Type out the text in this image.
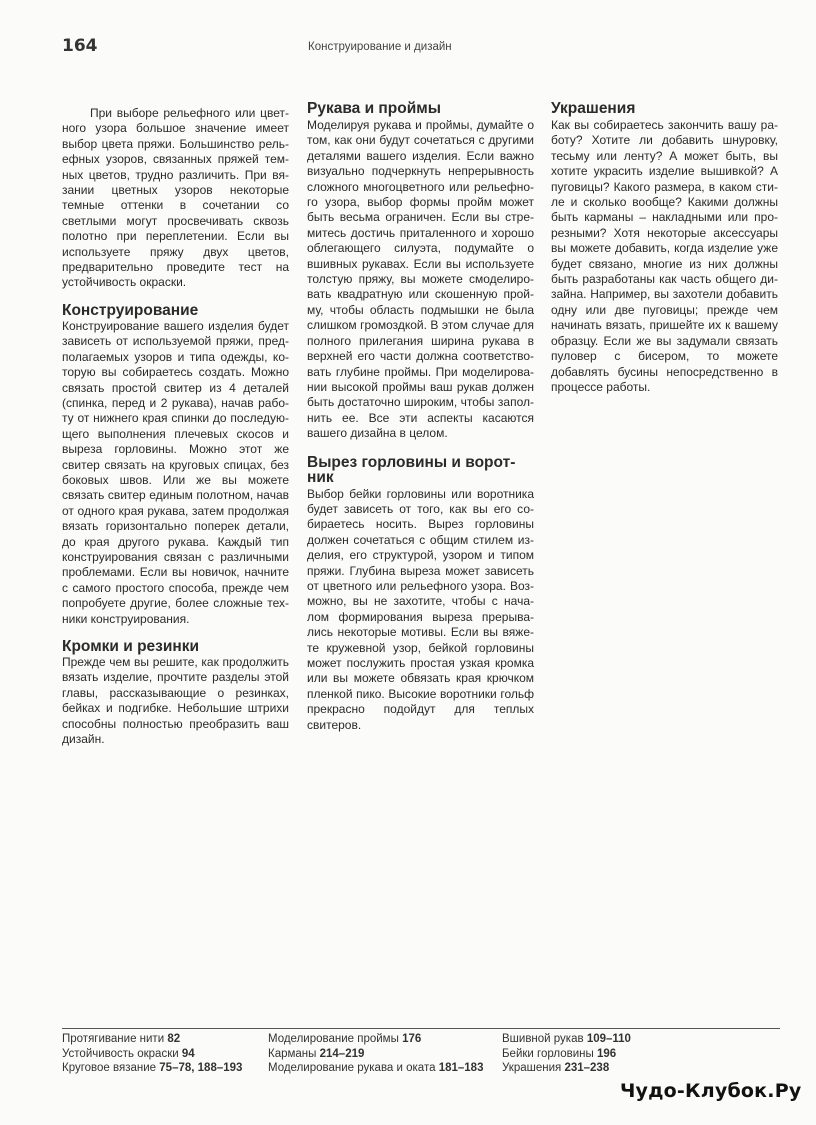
164	Конструирование и дизайн

При выборе рельефного или цветного узора большое значение имеет выбор цвета пряжи. Большинство рельефных узоров, связанных пряжей темных цветов, трудно различить. При вязании цветных узоров некоторые темные оттенки в сочетании со светлыми могут просвечивать сквозь полотно при переплетении. Если вы используете пряжу двух цветов, предварительно проведите тест на устойчивость окраски.

Конструирование

Конструирование вашего изделия будет зависеть от используемой пряжи, предполагаемых узоров и типа одежды, которую вы собираетесь создать. Можно связать простой свитер из 4 деталей (спинка, перед и 2 рукава), начав работу от нижнего края спинки до последующего выполнения плечевых скосов и выреза горловины. Можно этот же свитер связать на круговых спицах, без боковых швов. Или же вы можете связать свитер единым полотном, начав от одного края рукава, затем продолжая вязать горизонтально поперек детали, до края другого рукава. Каждый тип конструирования связан с различными проблемами. Если вы новичок, начните с самого простого способа, прежде чем попробуете другие, более сложные техники конструирования.

Кромки и резинки

Прежде чем вы решите, как продолжить вязать изделие, прочтите разделы этой главы, рассказывающие о резинках, бейках и подгибке. Небольшие штрихи способны полностью преобразить ваш дизайн.

Рукава и проймы

Моделируя рукава и проймы, думайте о том, как они будут сочетаться с другими деталями вашего изделия. Если важно визуально подчеркнуть непрерывность сложного многоцветного или рельефного узора, выбор формы пройм может быть весьма ограничен. Если вы стремитесь достичь приталенного и хорошо облегающего силуэта, подумайте о вшивных рукавах. Если вы используете толстую пряжу, вы можете смоделировать квадратную или скошенную пройму, чтобы область подмышки не была слишком громоздкой. В этом случае для полного прилегания ширина рукава в верхней его части должна соответствовать глубине проймы. При моделировании высокой проймы ваш рукав должен быть достаточно широким, чтобы заполнить ее. Все эти аспекты касаются вашего дизайна в целом.

Вырез горловины и воротник

Выбор бейки горловины или воротника будет зависеть от того, как вы его собираетесь носить. Вырез горловины должен сочетаться с общим стилем изделия, его структурой, узором и типом пряжи. Глубина выреза может зависеть от цветного или рельефного узора. Возможно, вы не захотите, чтобы с началом формирования выреза прерывались некоторые мотивы. Если вы вяжете кружевной узор, бейкой горловины может послужить простая узкая кромка или вы можете обвязать края крючком пленкой пико. Высокие воротники гольф прекрасно подойдут для теплых свитеров.

Украшения

Как вы собираетесь закончить вашу работу? Хотите ли добавить шнуровку, тесьму или ленту? А может быть, вы хотите украсить изделие вышивкой? А пуговицы? Какого размера, в каком стиле и сколько вообще? Какими должны быть карманы – накладными или прорезными? Хотя некоторые аксессуары вы можете добавить, когда изделие уже будет связано, многие из них должны быть разработаны как часть общего дизайна. Например, вы захотели добавить одну или две пуговицы; прежде чем начинать вязать, пришейте их к вашему образцу. Если же вы задумали связать пуловер с бисером, то можете добавлять бусины непосредственно в процессе работы.

Протягивание нити 82
Устойчивость окраски 94
Круговое вязание 75–78, 188–193
Моделирование проймы 176
Карманы 214–219
Моделирование рукава и оката 181–183
Вшивной рукав 109–110
Бейки горловины 196
Украшения 231–238
Чудо-Клубок.Ру
